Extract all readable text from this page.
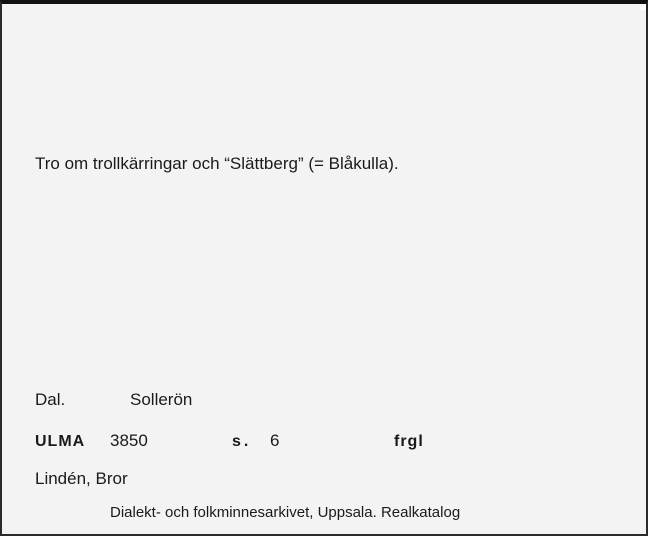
Tro om trollkärringar och “Slättberg” (= Blåkulla).
Dal.	Sollerön
ULMA 3850	s. 6	frgl
Lindén, Bror
Dialekt- och folkminnesarkivet, Uppsala. Realkatalog
